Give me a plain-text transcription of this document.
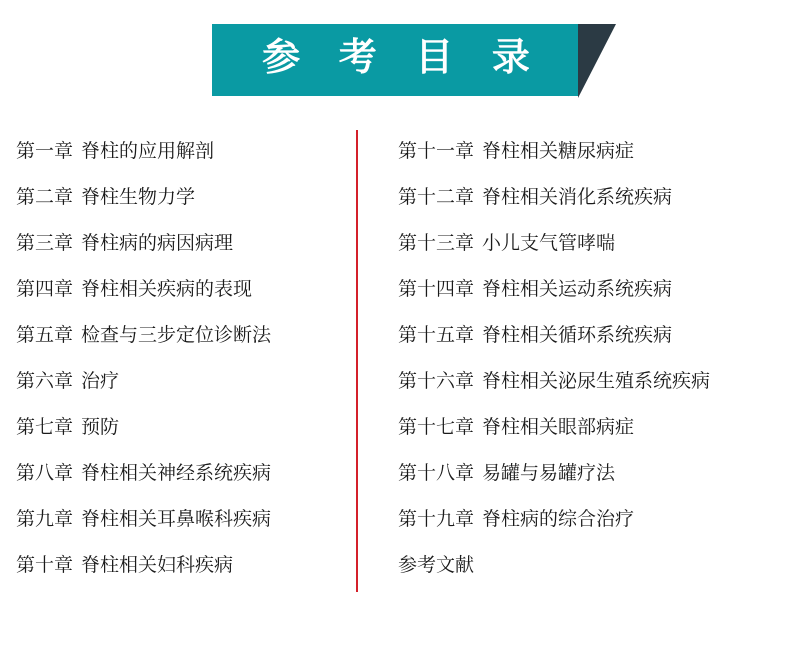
参 考 目 录
第一章 脊柱的应用解剖
第二章 脊柱生物力学
第三章 脊柱病的病因病理
第四章 脊柱相关疾病的表现
第五章 检查与三步定位诊断法
第六章 治疗
第七章 预防
第八章 脊柱相关神经系统疾病
第九章 脊柱相关耳鼻喉科疾病
第十章 脊柱相关妇科疾病
第十一章 脊柱相关糖尿病症
第十二章 脊柱相关消化系统疾病
第十三章 小儿支气管哮喘
第十四章 脊柱相关运动系统疾病
第十五章 脊柱相关循环系统疾病
第十六章 脊柱相关泌尿生殖系统疾病
第十七章 脊柱相关眼部病症
第十八章 易罐与易罐疗法
第十九章 脊柱病的综合治疗
参考文献
